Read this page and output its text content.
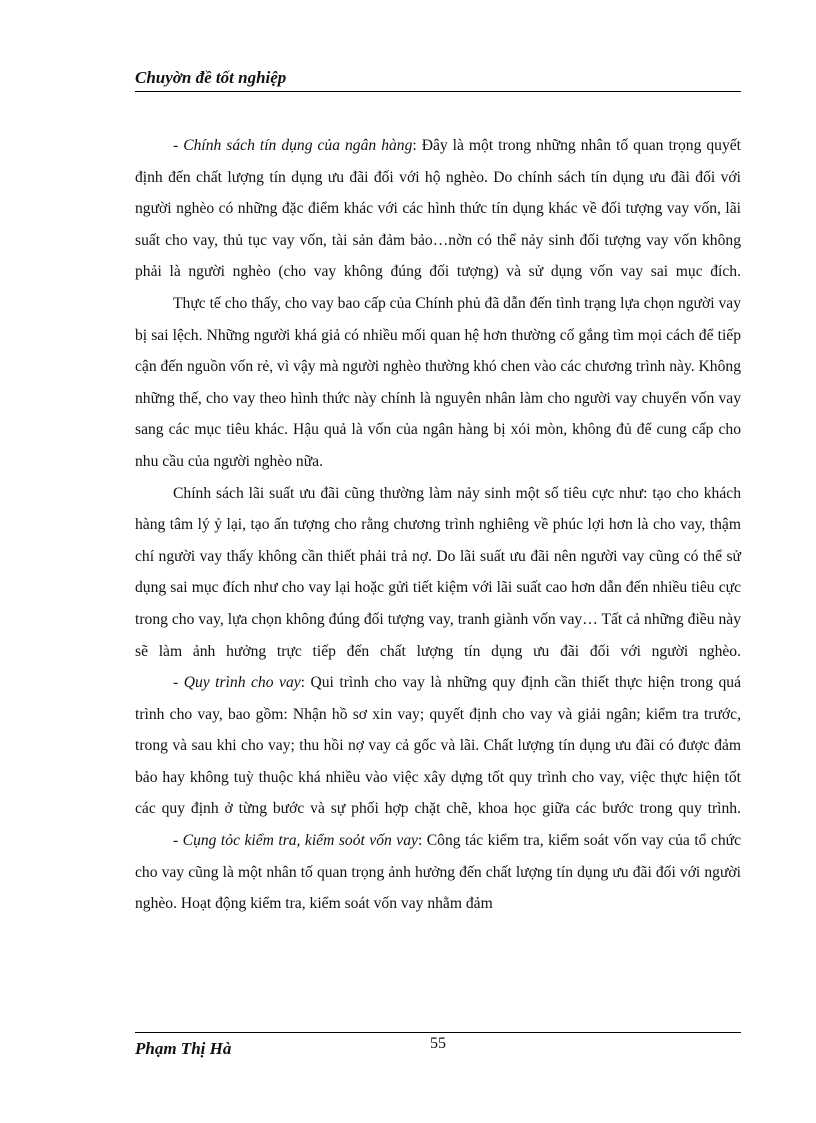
Chuyờn đề tốt nghiệp

- Chính sách tín dụng của ngân hàng: Đây là một trong những nhân tố quan trọng quyết định đến chất lượng tín dụng ưu đãi đối với hộ nghèo. Do chính sách tín dụng ưu đãi đối với người nghèo có những đặc điểm khác với các hình thức tín dụng khác về đối tượng vay vốn, lãi suất cho vay, thủ tục vay vốn, tài sản đảm bảo…nờn có thể nảy sinh đối tượng vay vốn không phải là người nghèo (cho vay không đúng đối tượng) và sử dụng vốn vay sai mục đích.

Thực tế cho thấy, cho vay bao cấp của Chính phủ đã dẫn đến tình trạng lựa chọn người vay bị sai lệch. Những người khá giả có nhiều mối quan hệ hơn thường cố gắng tìm mọi cách để tiếp cận đến nguồn vốn rẻ, vì vậy mà người nghèo thường khó chen vào các chương trình này. Không những thế, cho vay theo hình thức này chính là nguyên nhân làm cho người vay chuyển vốn vay sang các mục tiêu khác. Hậu quả là vốn của ngân hàng bị xói mòn, không đủ để cung cấp cho nhu cầu của người nghèo nữa.

Chính sách lãi suất ưu đãi cũng thường làm nảy sinh một số tiêu cực như: tạo cho khách hàng tâm lý ỷ lại, tạo ấn tượng cho rằng chương trình nghiêng về phúc lợi hơn là cho vay, thậm chí người vay thấy không cần thiết phải trả nợ. Do lãi suất ưu đãi nên người vay cũng có thể sử dụng sai mục đích như cho vay lại hoặc gửi tiết kiệm với lãi suất cao hơn dẫn đến nhiều tiêu cực trong cho vay, lựa chọn không đúng đối tượng vay, tranh giành vốn vay… Tất cả những điều này sẽ làm ảnh hưởng trực tiếp đến chất lượng tín dụng ưu đãi đối với người nghèo.

- Quy trình cho vay: Qui trình cho vay là những quy định cần thiết thực hiện trong quá trình cho vay, bao gồm: Nhận hồ sơ xin vay; quyết định cho vay và giải ngân; kiểm tra trước, trong và sau khi cho vay; thu hồi nợ vay cả gốc và lãi. Chất lượng tín dụng ưu đãi có được đảm bảo hay không tuỳ thuộc khá nhiều vào việc xây dựng tốt quy trình cho vay, việc thực hiện tốt các quy định ở từng bước và sự phối hợp chặt chẽ, khoa học giữa các bước trong quy trình.

- Cụng tỏc kiểm tra, kiểm soỏt vốn vay: Công tác kiểm tra, kiểm soát vốn vay của tổ chức cho vay cũng là một nhân tố quan trọng ảnh hưởng đến chất lượng tín dụng ưu đãi đối với người nghèo. Hoạt động kiểm tra, kiểm soát vốn vay nhằm đảm

Phạm Thị Hà	55
